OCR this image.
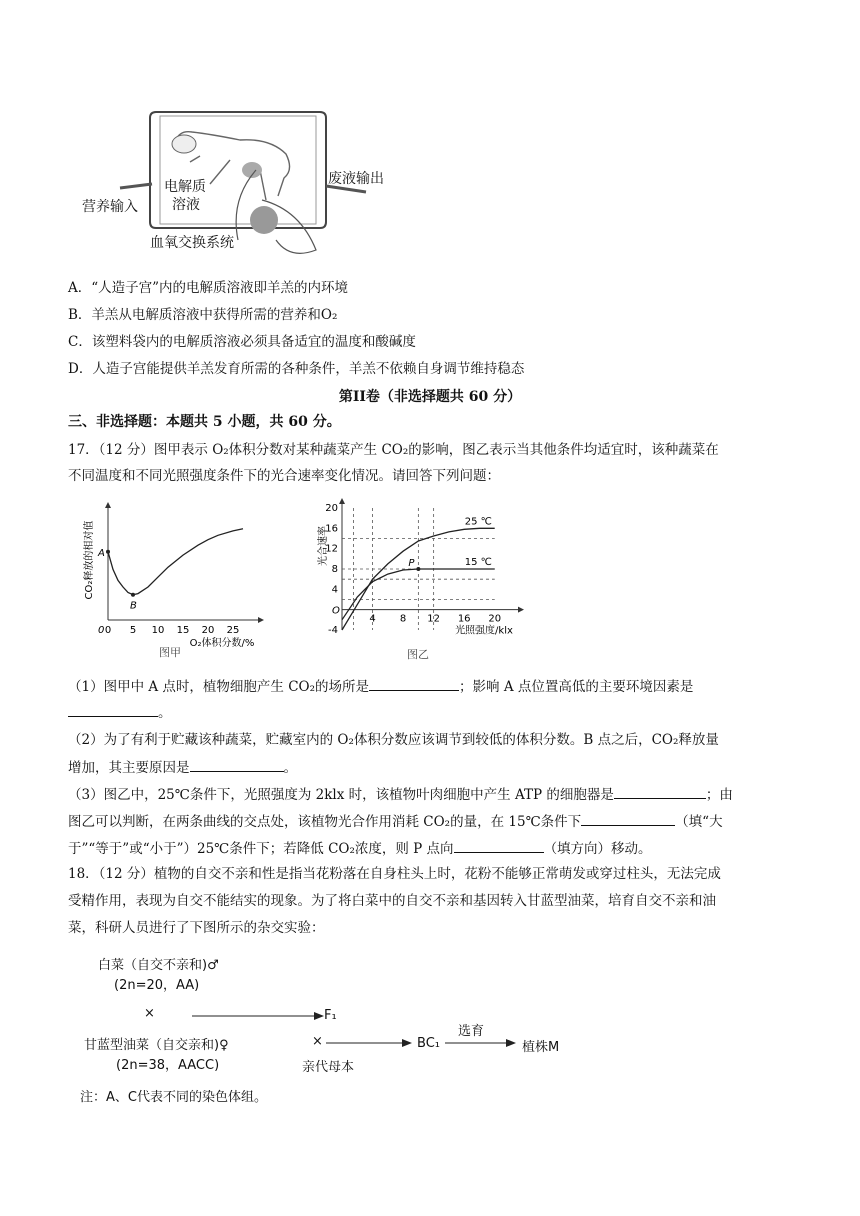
营养输入
电解质
溶液
废液输出
血氧交换系统
A．“人造子宫”内的电解质溶液即羊羔的内环境
B．羊羔从电解质溶液中获得所需的营养和O₂
C．该塑料袋内的电解质溶液必须具备适宜的温度和酸碱度
D．人造子宫能提供羊羔发育所需的各种条件，羊羔不依赖自身调节维持稳态
第II卷（非选择题共 60 分）
三、非选择题：本题共 5 小题，共 60 分。
17．（12 分）图甲表示 O₂体积分数对某种蔬菜产生 CO₂的影响，图乙表示当其他条件均适宜时，该种蔬菜在
不同温度和不同光照强度条件下的光合速率变化情况。请回答下列问题：
0 5 10 15 20 25
A
B
0
O₂体积分数/%
CO₂释放的相对值
图甲
-4
4
8
12
16
20
4 8 12 16 20
O
25 ℃
15 ℃
P
光照强度/klx
光合速率
图乙
（1）图甲中 A 点时，植物细胞产生 CO₂的场所是	；影响 A 点位置高低的主要环境因素是
。
（2）为了有利于贮藏该种蔬菜，贮藏室内的 O₂体积分数应该调节到较低的体积分数。B 点之后，CO₂释放量
增加，其主要原因是	。
（3）图乙中，25℃条件下，光照强度为 2klx 时，该植物叶肉细胞中产生 ATP 的细胞器是	；由
图乙可以判断，在两条曲线的交点处，该植物光合作用消耗 CO₂的量，在 15℃条件下	（填“大
于”“等于”或“小于”）25℃条件下；若降低 CO₂浓度，则 P 点向	（填方向）移动。
18．（12 分）植物的自交不亲和性是指当花粉落在自身柱头上时，花粉不能够正常萌发或穿过柱头，无法完成
受精作用，表现为自交不能结实的现象。为了将白菜中的自交不亲和基因转入甘蓝型油菜，培育自交不亲和油
菜，科研人员进行了下图所示的杂交实验：
白菜（自交不亲和)♂
(2n=20，AA)
×	F₁
甘蓝型油菜（自交亲和)♀
(2n=38，AACC)
×
亲代母本
BC₁
选育
植株M
注：A、C代表不同的染色体组。
